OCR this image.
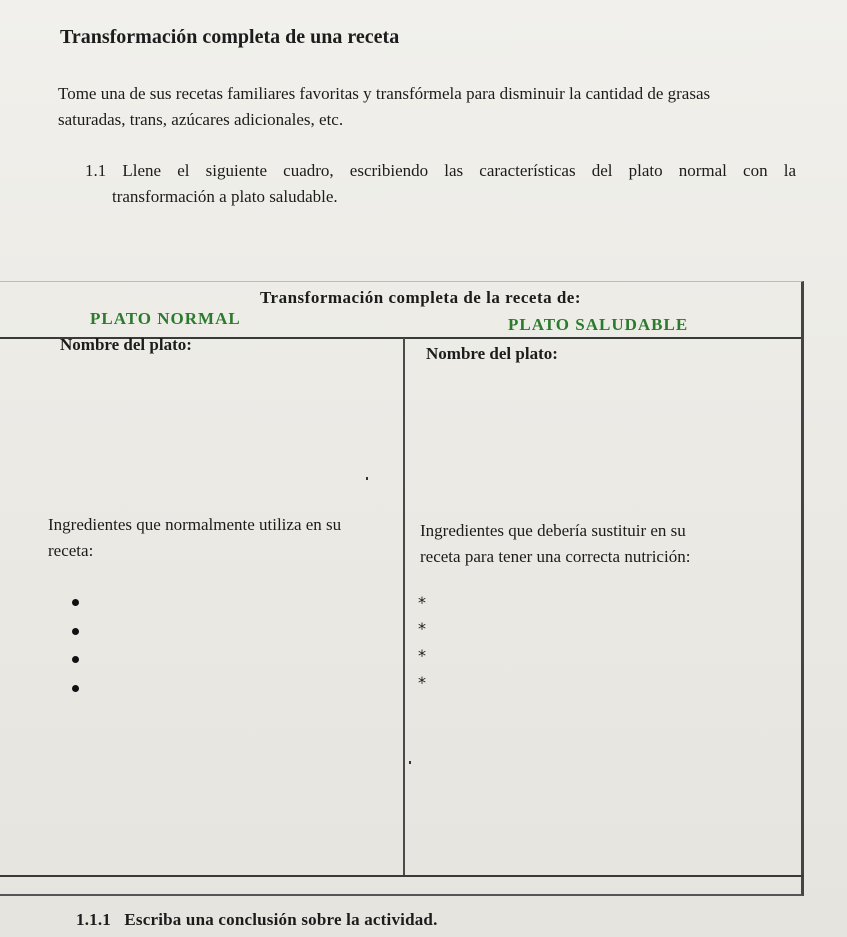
Transformación completa de una receta

Tome una de sus recetas familiares favoritas y transfórmela para disminuir la cantidad de grasas

saturadas, trans, azúcares adicionales, etc.

1.1 Llene el siguiente cuadro, escribiendo las características del plato normal con la

transformación a plato saludable.

Transformación completa de la receta de:

PLATO NORMAL	PLATO SALUDABLE

Nombre del plato:	Nombre del plato:

Ingredientes que normalmente utiliza en su

receta:

Ingredientes que debería sustituir en su

receta para tener una correcta nutrición:

*

*

*

*

1.1.1   Escriba una conclusión sobre la actividad.
